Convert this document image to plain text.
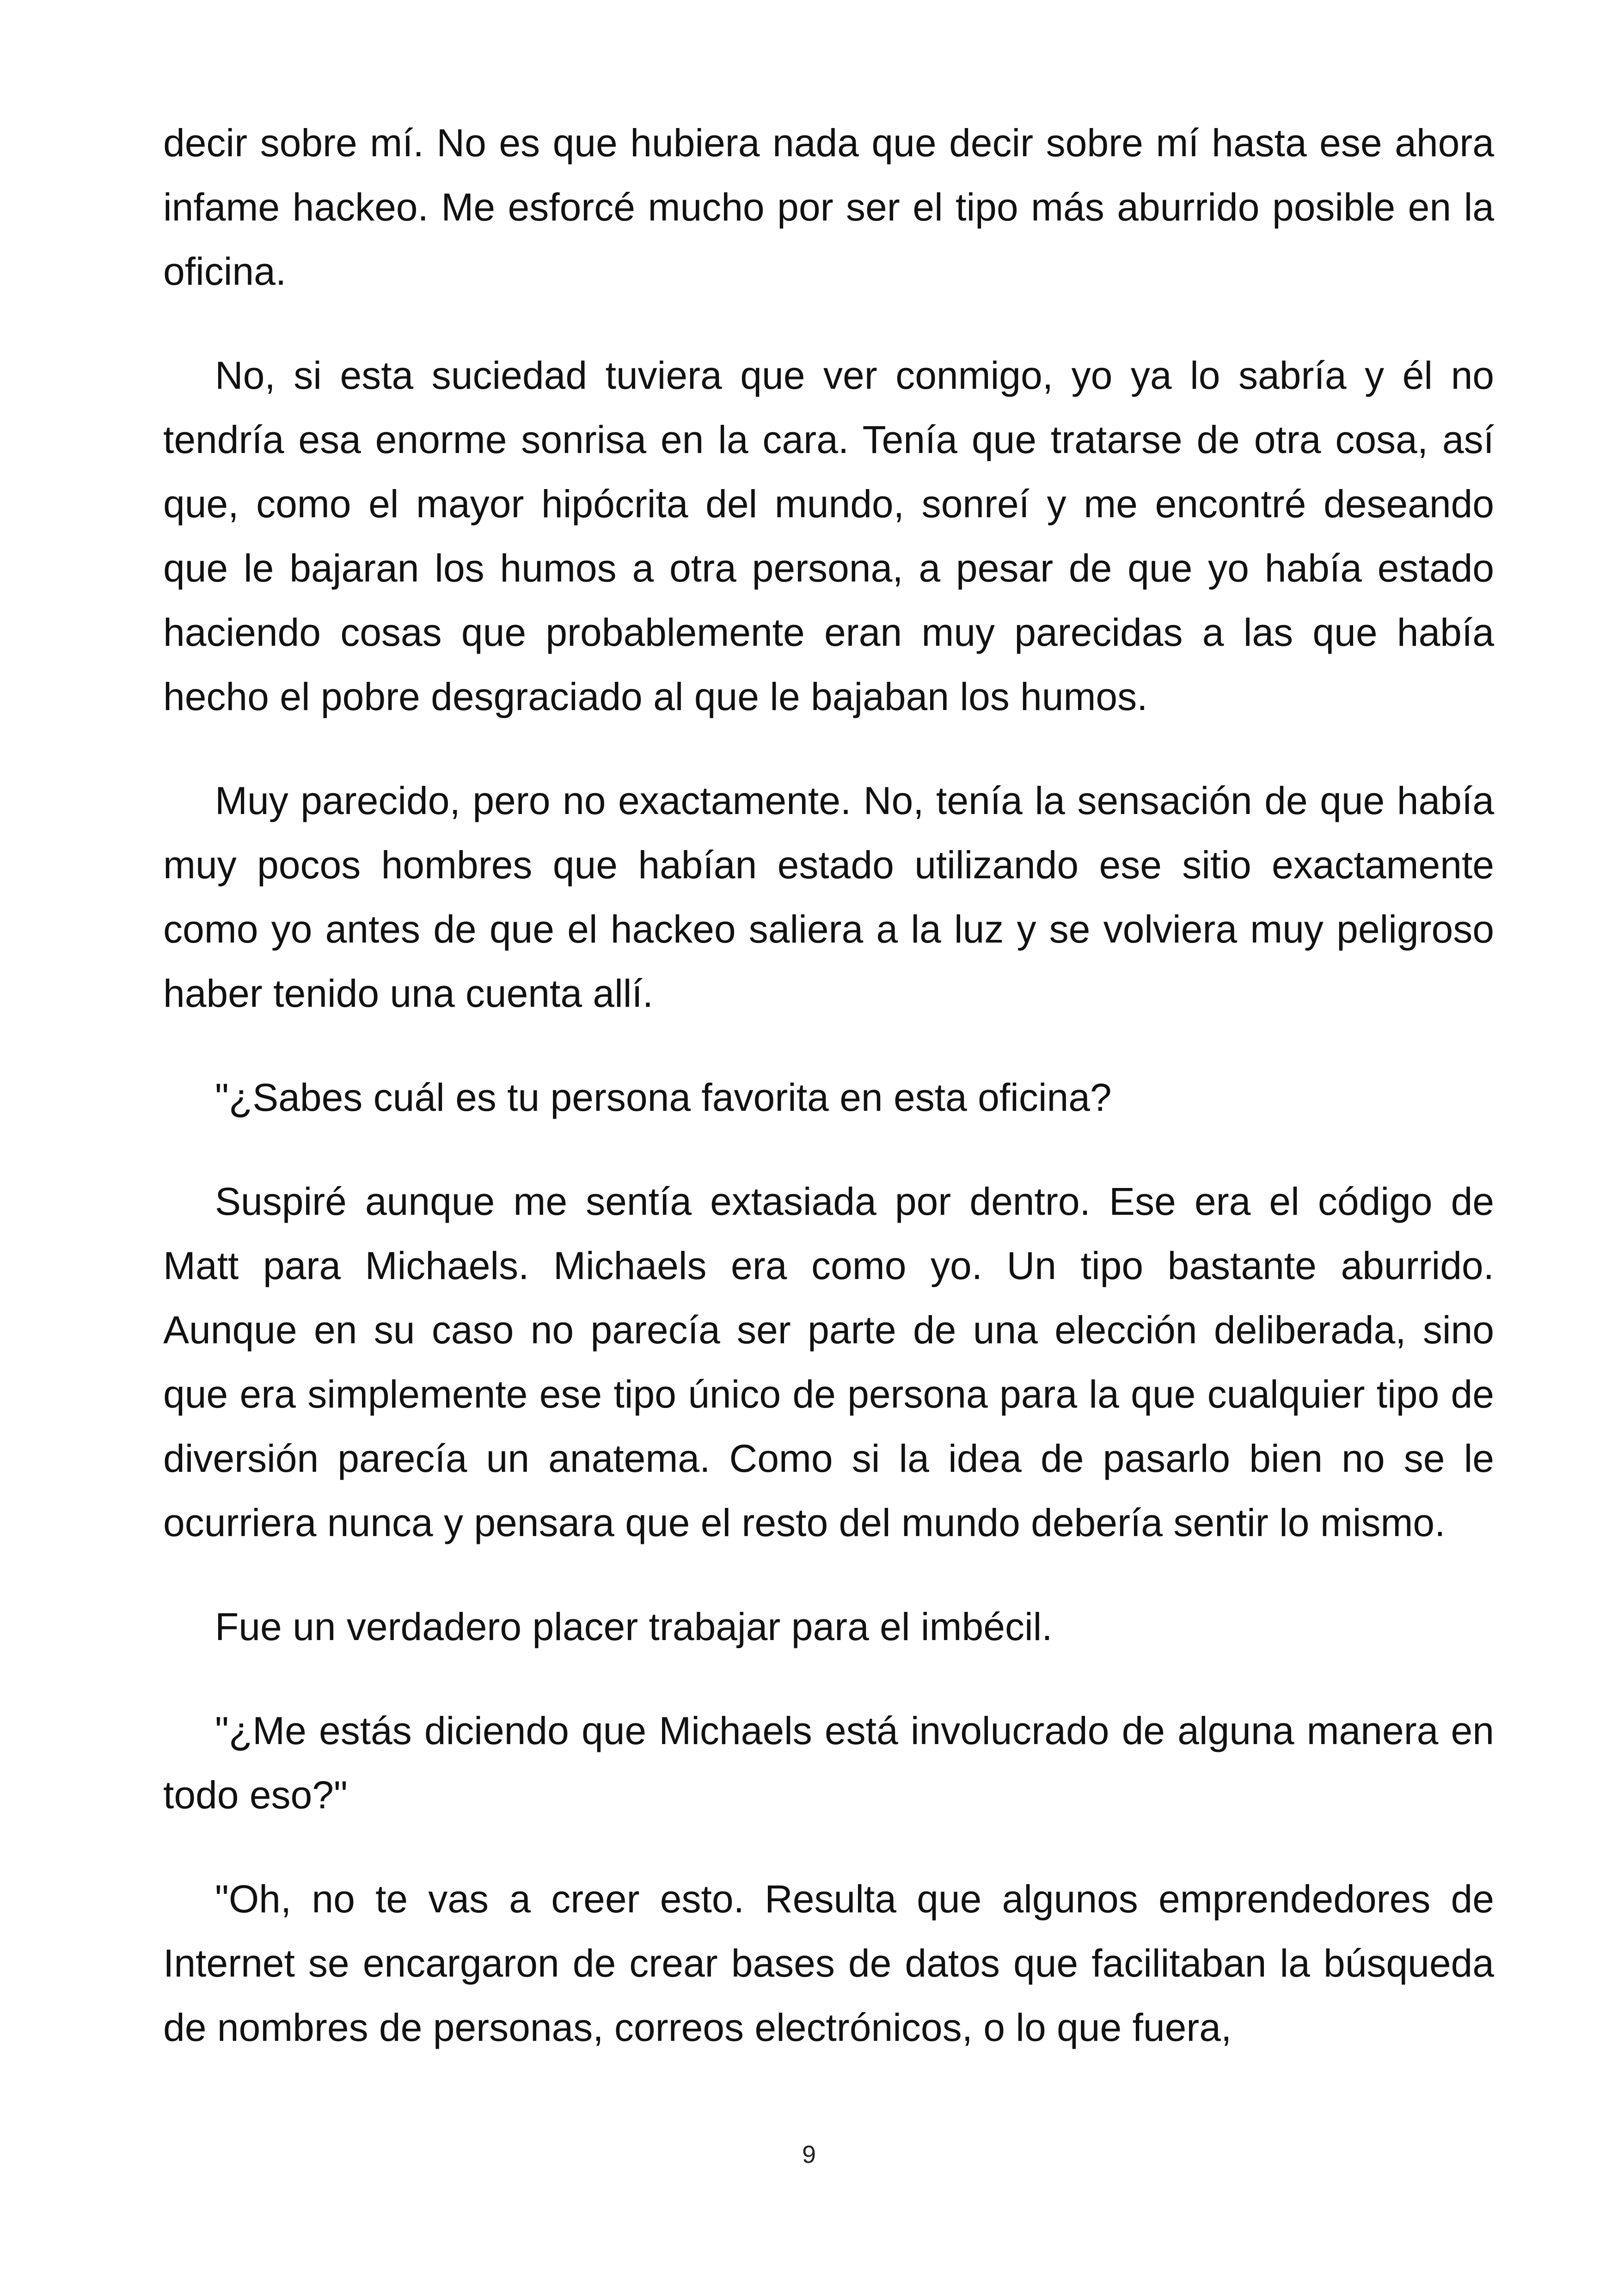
decir sobre mí. No es que hubiera nada que decir sobre mí hasta ese ahora infame hackeo. Me esforcé mucho por ser el tipo más aburrido posible en la oficina.

No, si esta suciedad tuviera que ver conmigo, yo ya lo sabría y él no tendría esa enorme sonrisa en la cara. Tenía que tratarse de otra cosa, así que, como el mayor hipócrita del mundo, sonreí y me encontré deseando que le bajaran los humos a otra persona, a pesar de que yo había estado haciendo cosas que probablemente eran muy parecidas a las que había hecho el pobre desgraciado al que le bajaban los humos.

Muy parecido, pero no exactamente. No, tenía la sensación de que había muy pocos hombres que habían estado utilizando ese sitio exactamente como yo antes de que el hackeo saliera a la luz y se volviera muy peligroso haber tenido una cuenta allí.

"¿Sabes cuál es tu persona favorita en esta oficina?

Suspiré aunque me sentía extasiada por dentro. Ese era el código de Matt para Michaels. Michaels era como yo. Un tipo bastante aburrido. Aunque en su caso no parecía ser parte de una elección deliberada, sino que era simplemente ese tipo único de persona para la que cualquier tipo de diversión parecía un anatema. Como si la idea de pasarlo bien no se le ocurriera nunca y pensara que el resto del mundo debería sentir lo mismo.

Fue un verdadero placer trabajar para el imbécil.

"¿Me estás diciendo que Michaels está involucrado de alguna manera en todo eso?"

"Oh, no te vas a creer esto. Resulta que algunos emprendedores de Internet se encargaron de crear bases de datos que facilitaban la búsqueda de nombres de personas, correos electrónicos, o lo que fuera,

9
